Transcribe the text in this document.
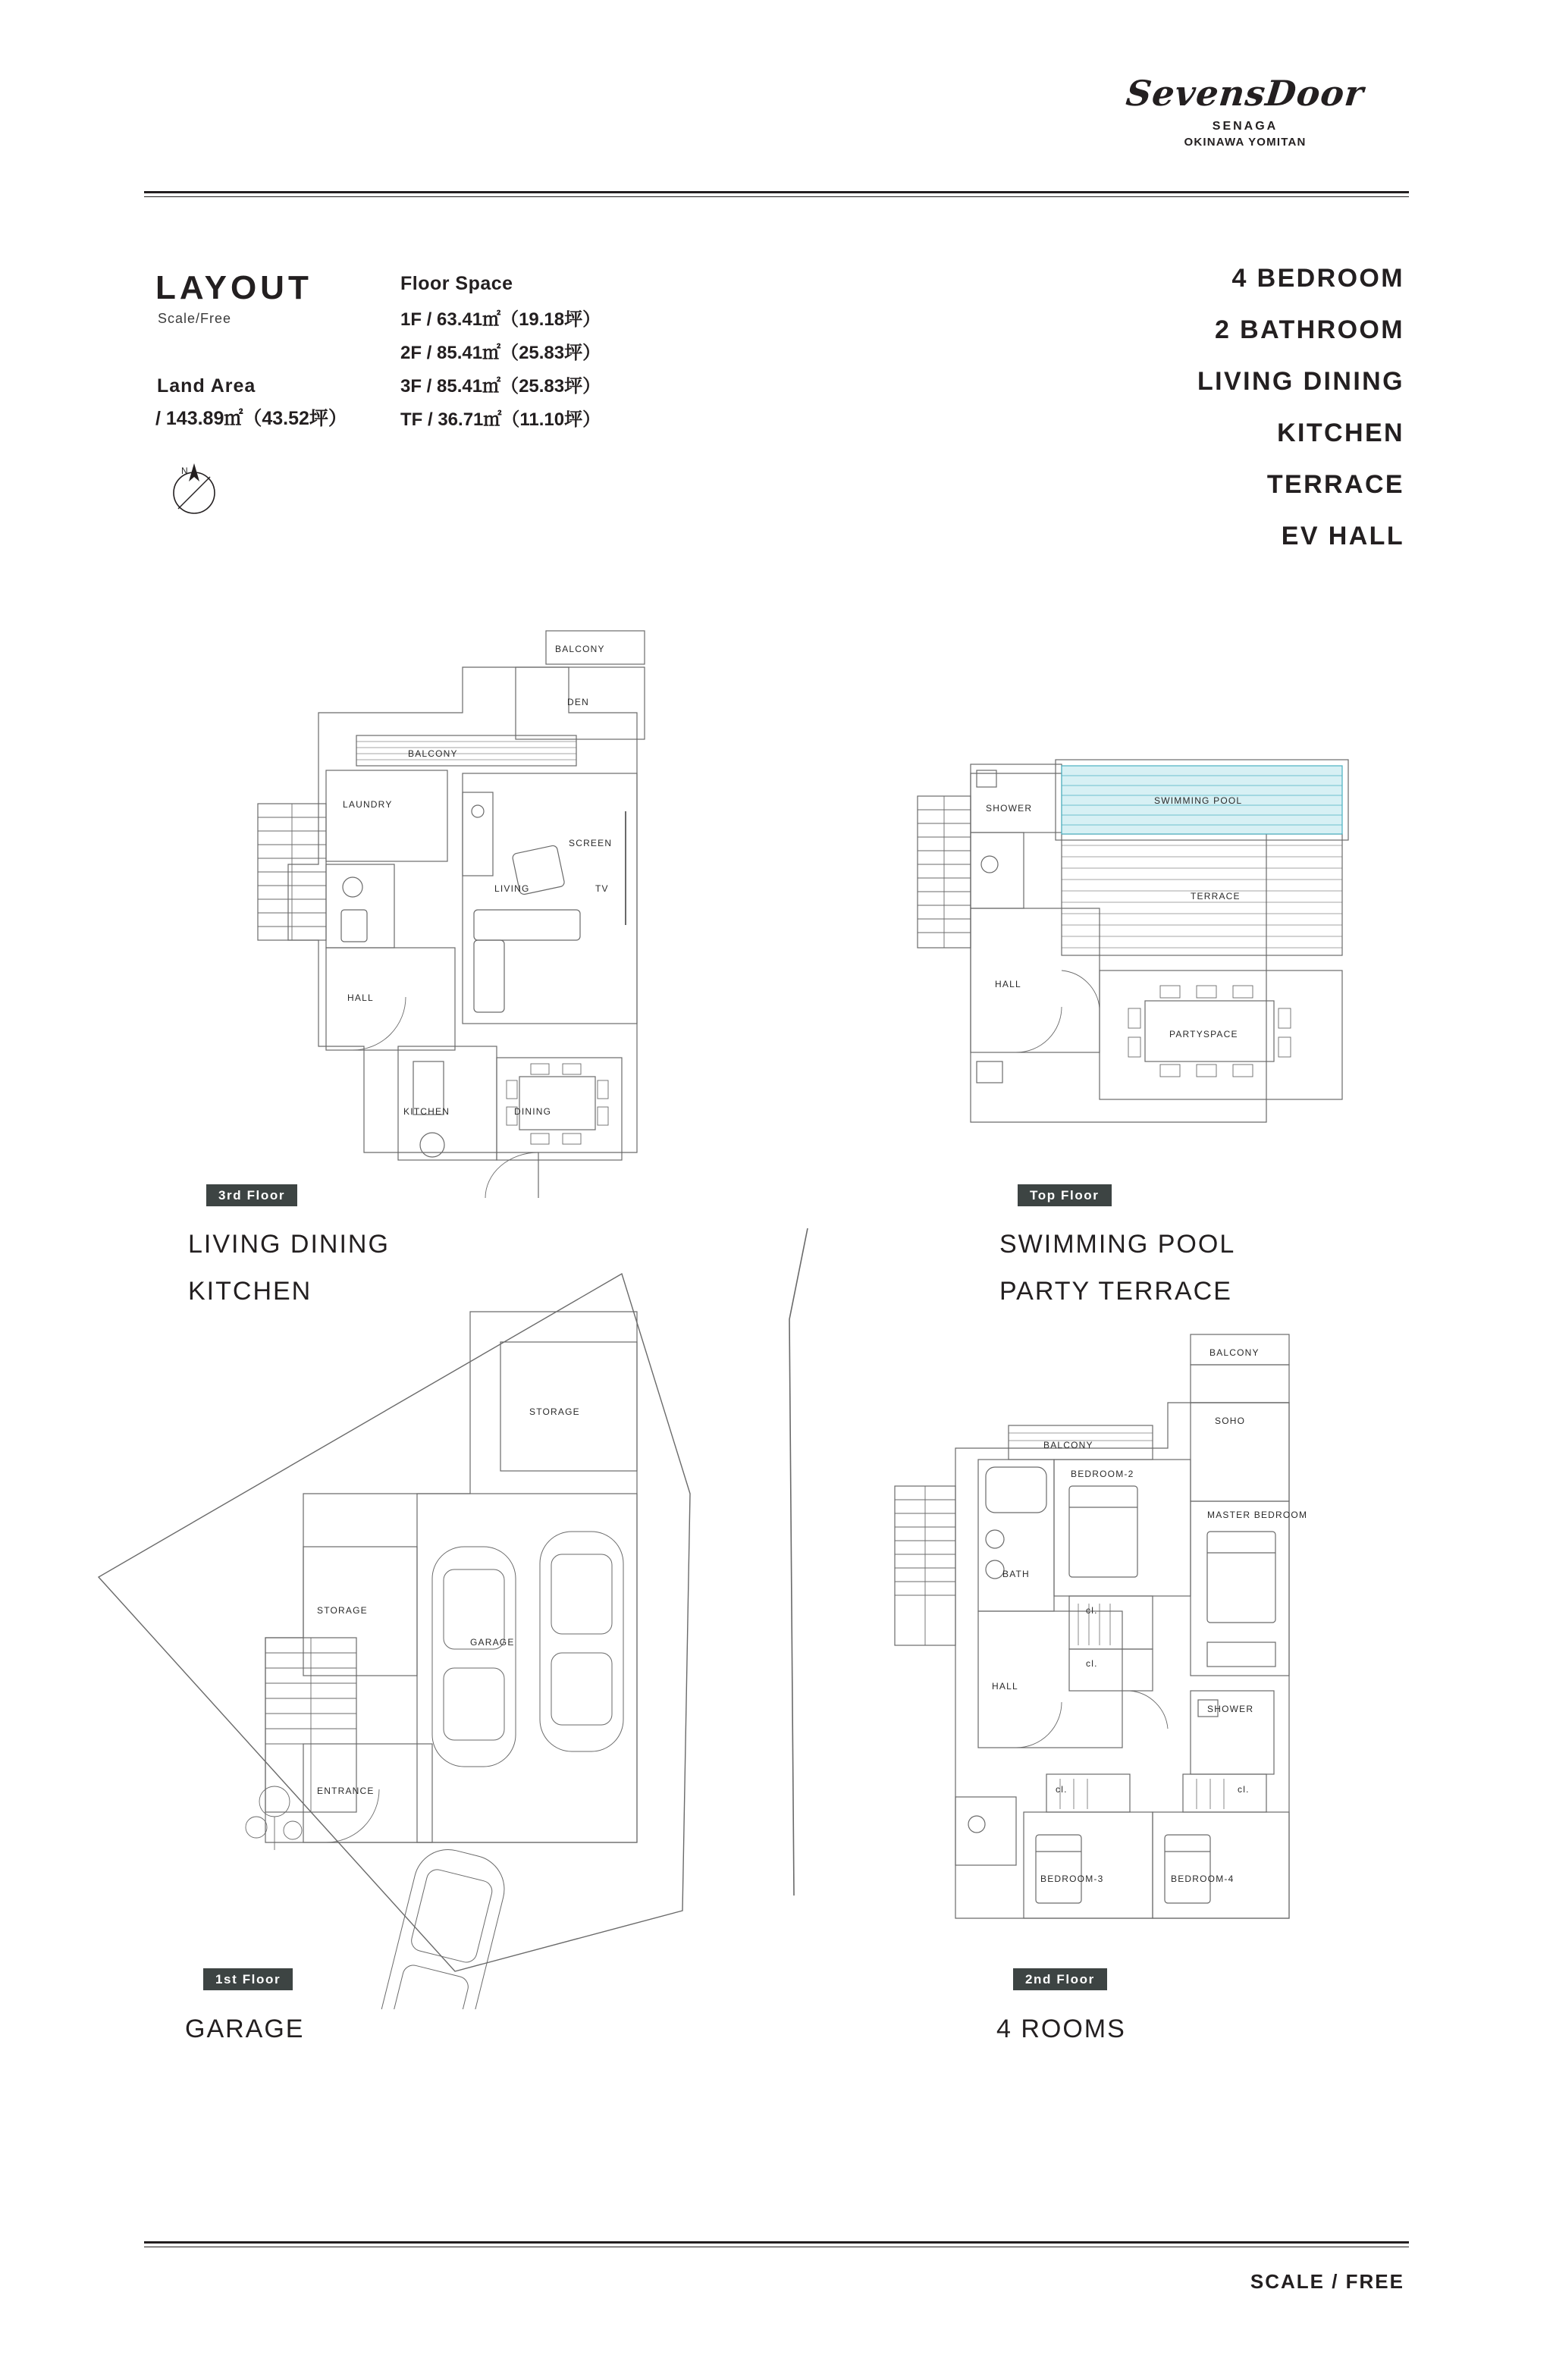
SevensDoor
SENAGA
OKINAWA YOMITAN
LAYOUT
Scale/Free
Land Area
/ 143.89㎡（43.52坪）
Floor Space
1F / 63.41㎡（19.18坪）
2F / 85.41㎡（25.83坪）
3F / 85.41㎡（25.83坪）
TF / 36.71㎡（11.10坪）
N
4 BEDROOM
2 BATHROOM
LIVING DINING
KITCHEN
TERRACE
EV HALL
BALCONY
DEN
BALCONY
LAUNDRY
SCREEN
LIVING	TV
HALL
KITCHEN	DINING
3rd Floor
LIVING DINING
KITCHEN
SHOWER
SWIMMING POOL
TERRACE
HALL
PARTYSPACE
Top Floor
SWIMMING POOL
PARTY TERRACE
STORAGE
STORAGE
GARAGE
ENTRANCE
1st Floor
GARAGE
BALCONY
SOHO
BALCONY
BEDROOM-2
MASTER BEDROOM
BATH
cl.
cl.
HALL
SHOWER
cl.	cl.
BEDROOM-3	BEDROOM-4
2nd Floor
4 ROOMS
SCALE / FREE
